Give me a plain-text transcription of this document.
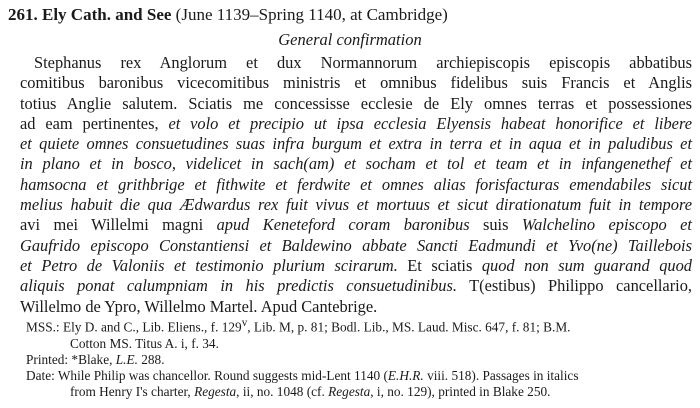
261. Ely Cath. and See (June 1139–Spring 1140, at Cambridge)
General confirmation
Stephanus rex Anglorum et dux Normannorum archiepiscopis episcopis abbatibus
comitibus baronibus vicecomitibus ministris et omnibus fidelibus suis Francis et Anglis
totius Anglie salutem. Sciatis me concessisse ecclesie de Ely omnes terras et possessiones
ad eam pertinentes, et volo et precipio ut ipsa ecclesia Elyensis habeat honorifice et libere
et quiete omnes consuetudines suas infra burgum et extra in terra et in aqua et in paludibus et
in plano et in bosco, videlicet in sach(am) et socham et tol et team et in infangenethef et
hamsocna et grithbrige et fithwite et ferdwite et omnes alias forisfacturas emendabiles sicut
melius habuit die qua Ædwardus rex fuit vivus et mortuus et sicut dirationatum fuit in tempore
avi mei Willelmi magni apud Keneteford coram baronibus suis Walchelino episcopo et
Gaufrido episcopo Constantiensi et Baldewino abbate Sancti Eadmundi et Yvo(ne) Taillebois
et Petro de Valoniis et testimonio plurium scirarum. Et sciatis quod non sum guarand quod
aliquis ponat calumpniam in his predictis consuetudinibus. T(estibus) Philippo cancellario,
Willelmo de Ypro, Willelmo Martel. Apud Cantebrige.
MSS.: Ely D. and C., Lib. Eliens., f. 129$^v$, Lib. M, p. 81; Bodl. Lib., MS. Laud. Misc. 647, f. 81; B.M.
Cotton MS. Titus A. i, f. 34.
Printed: *Blake, L.E. 288.
Date: While Philip was chancellor. Round suggests mid-Lent 1140 (E.H.R. viii. 518). Passages in italics
from Henry I's charter, Regesta, ii, no. 1048 (cf. Regesta, i, no. 129), printed in Blake 250.
